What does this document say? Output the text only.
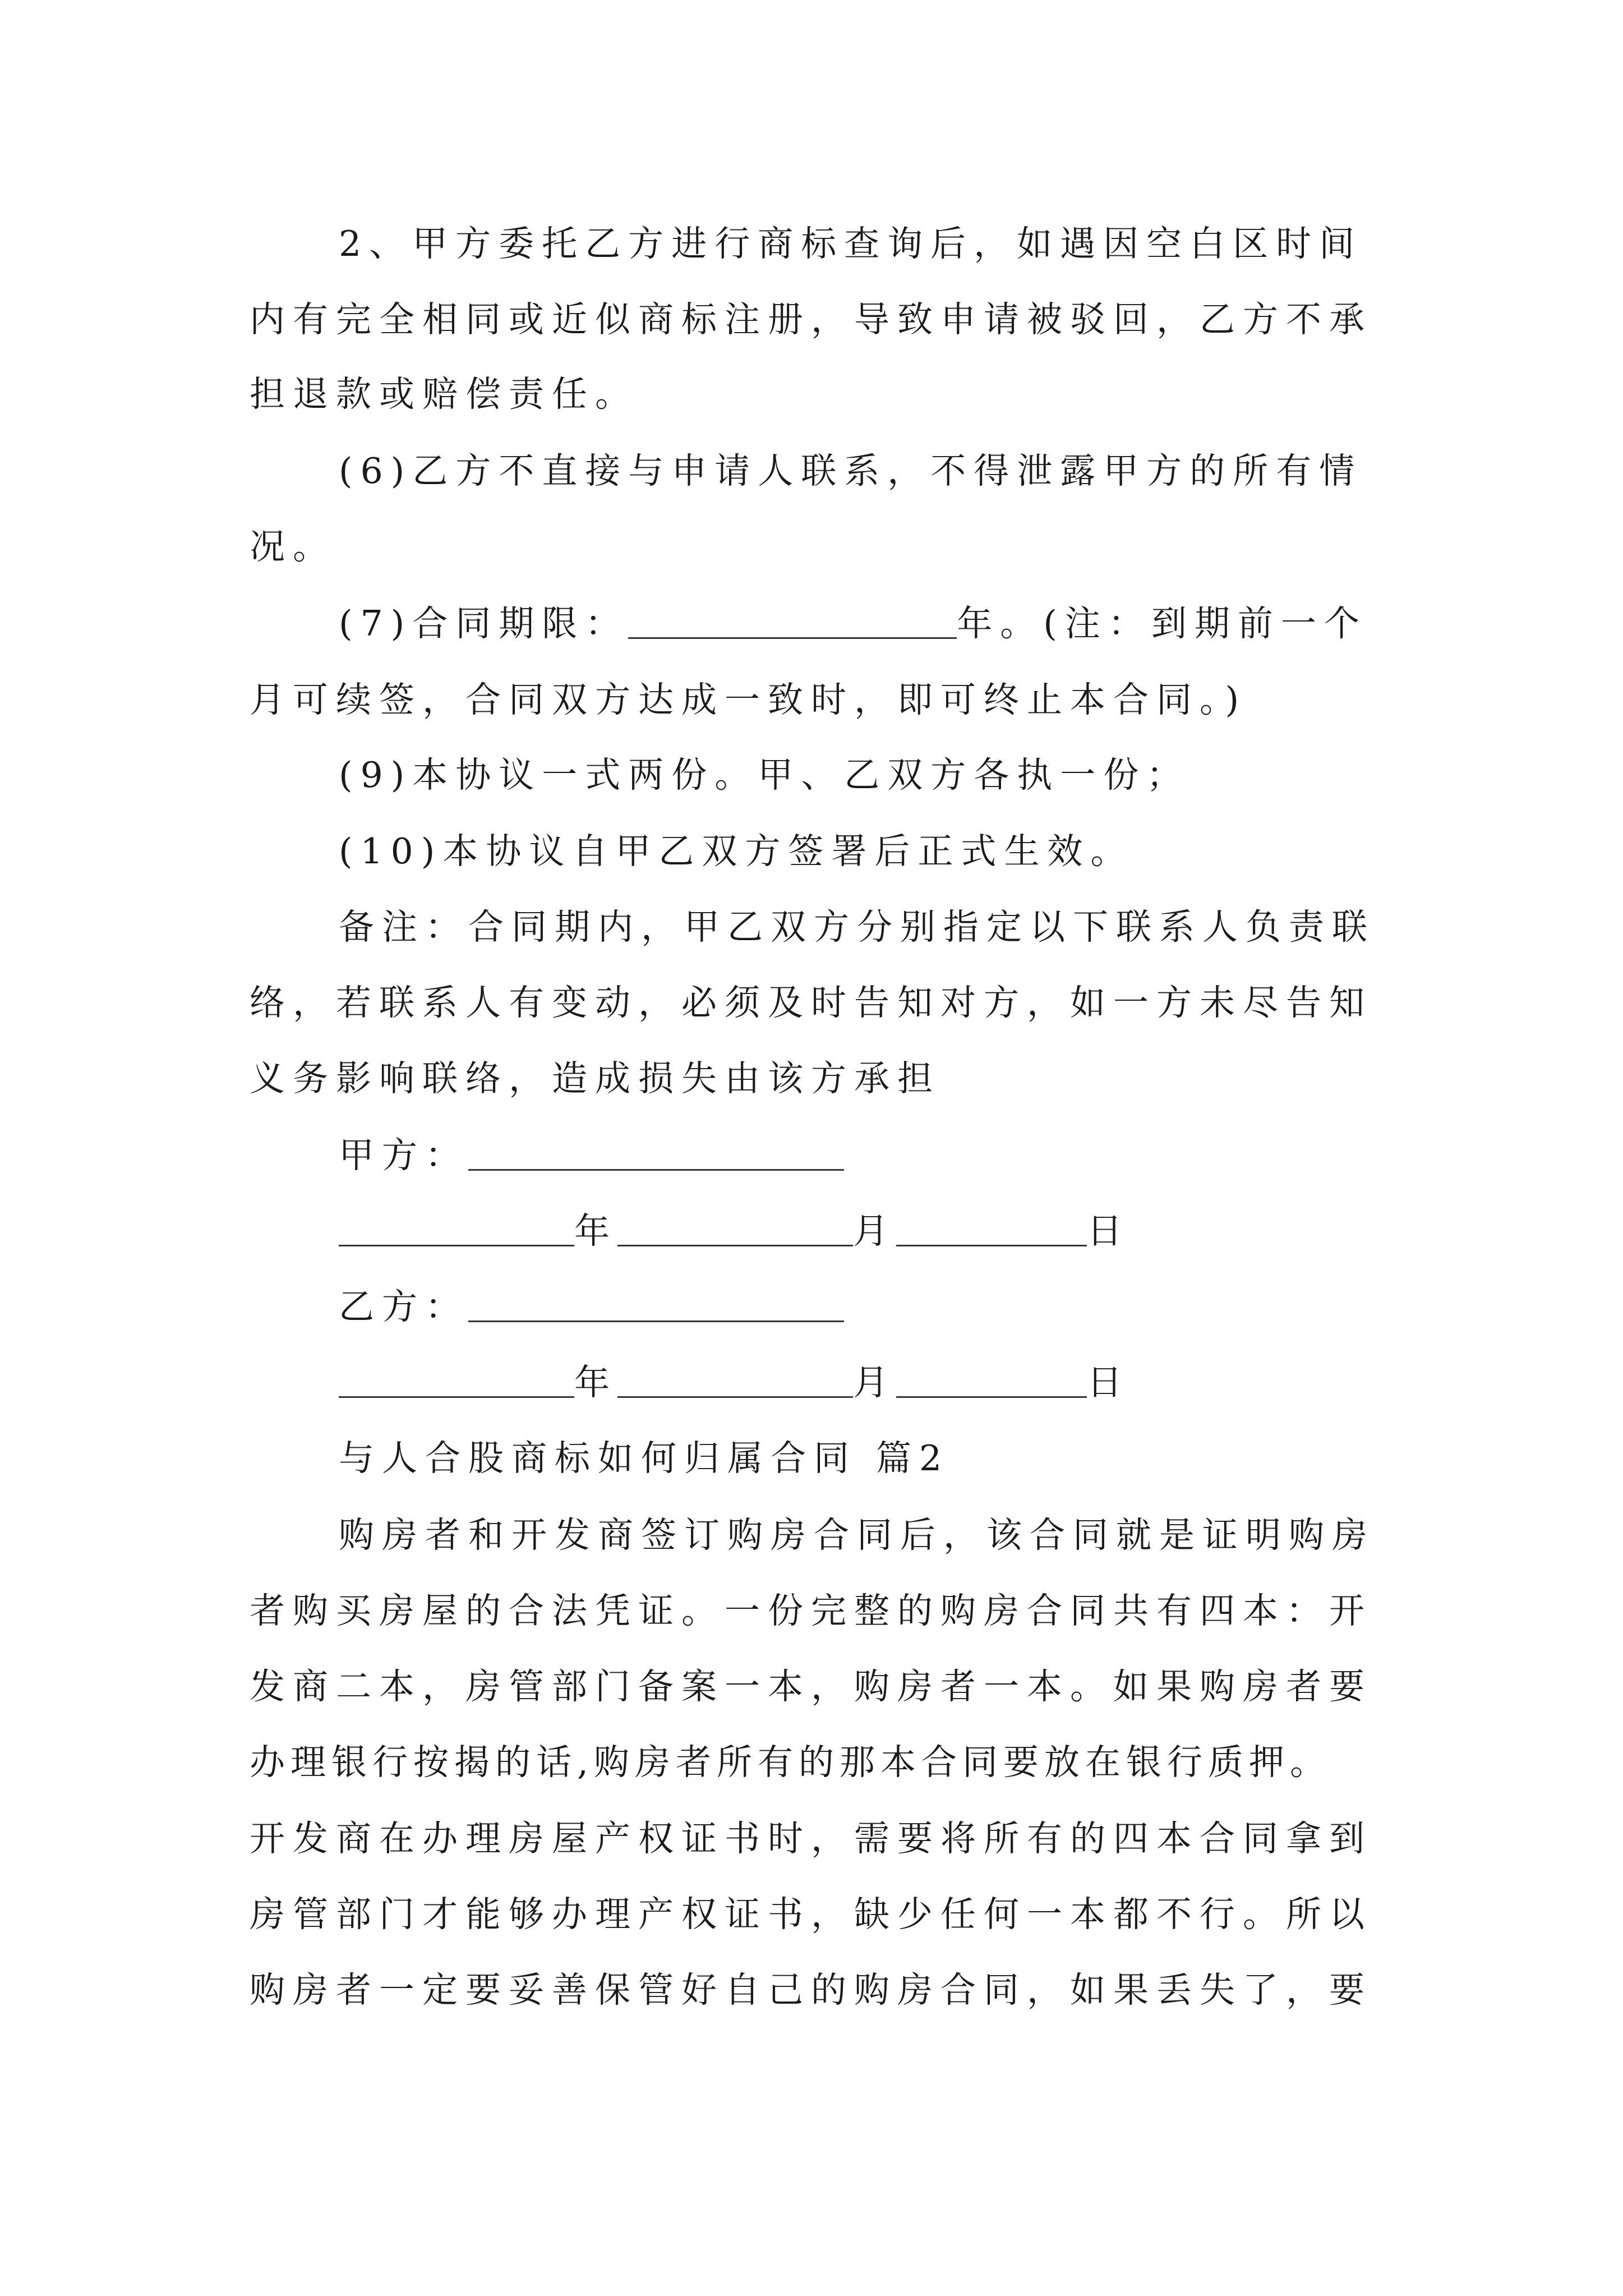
2、甲方委托乙方进行商标查询后，如遇因空白区时间
内有完全相同或近似商标注册，导致申请被驳回，乙方不承
担退款或赔偿责任。
(6)乙方不直接与申请人联系，不得泄露甲方的所有情
况。
(7)合同期限：	年。(注：到期前一个
月可续签，合同双方达成一致时，即可终止本合同。)
(9)本协议一式两份。甲、乙双方各执一份；
(10)本协议自甲乙双方签署后正式生效。
备注：合同期内，甲乙双方分别指定以下联系人负责联
络，若联系人有变动，必须及时告知对方，如一方未尽告知
义务影响联络，造成损失由该方承担
甲方：
年	月	日
乙方：
年	月	日
与人合股商标如何归属合同 篇2
购房者和开发商签订购房合同后，该合同就是证明购房
者购买房屋的合法凭证。一份完整的购房合同共有四本：开
发商二本，房管部门备案一本，购房者一本。如果购房者要
办理银行按揭的话,购房者所有的那本合同要放在银行质押。
开发商在办理房屋产权证书时，需要将所有的四本合同拿到
房管部门才能够办理产权证书，缺少任何一本都不行。所以
购房者一定要妥善保管好自己的购房合同，如果丢失了，要
